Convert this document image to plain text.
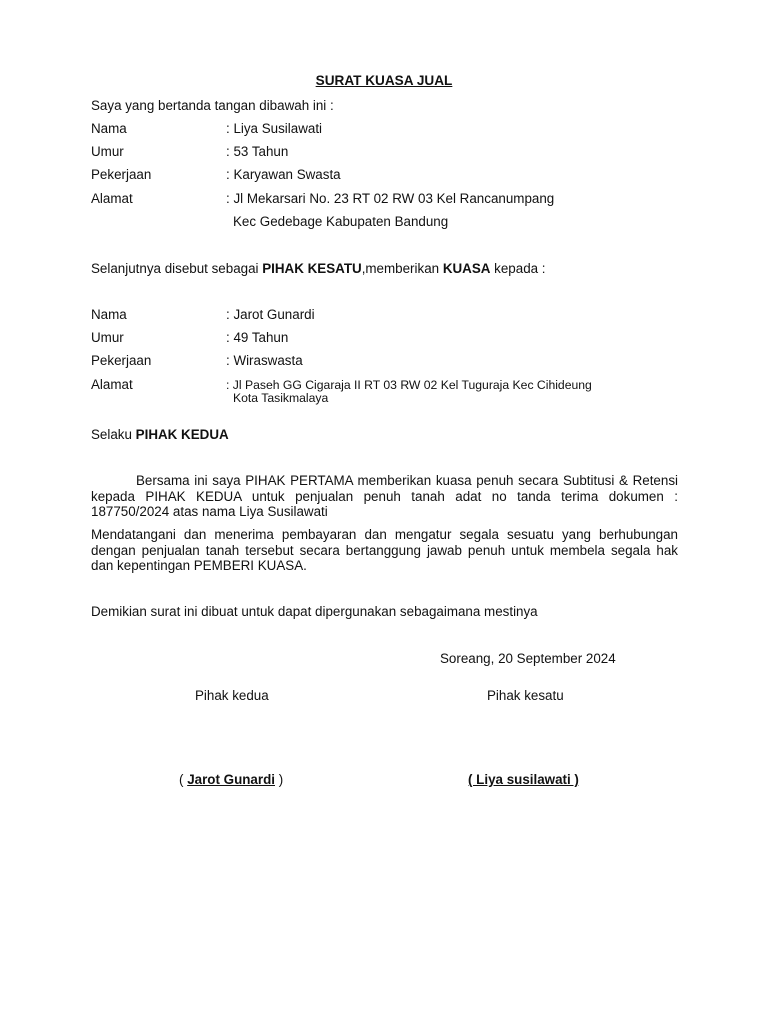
SURAT KUASA JUAL
Saya yang bertanda tangan dibawah ini :
Nama	: Liya Susilawati
Umur	: 53 Tahun
Pekerjaan	: Karyawan Swasta
Alamat	: Jl Mekarsari No. 23 RT 02 RW 03 Kel Rancanumpang
Kec Gedebage Kabupaten Bandung
Selanjutnya disebut sebagai PIHAK KESATU,memberikan KUASA kepada :
Nama	: Jarot Gunardi
Umur	: 49 Tahun
Pekerjaan	: Wiraswasta
Alamat	: Jl Paseh GG Cigaraja II RT 03 RW 02 Kel Tuguraja Kec Cihideung
Kota Tasikmalaya
Selaku PIHAK KEDUA
Bersama ini saya PIHAK PERTAMA memberikan kuasa penuh secara Subtitusi & Retensi kepada PIHAK KEDUA untuk penjualan penuh tanah adat no tanda terima dokumen : 187750/2024 atas nama Liya Susilawati
Mendatangani dan menerima pembayaran dan mengatur segala sesuatu yang berhubungan dengan penjualan tanah tersebut secara bertanggung jawab penuh untuk membela segala hak dan kepentingan PEMBERI KUASA.
Demikian surat ini dibuat untuk dapat dipergunakan sebagaimana mestinya
Soreang, 20 September 2024
Pihak kedua	Pihak kesatu
( Jarot Gunardi )	( Liya susilawati )
